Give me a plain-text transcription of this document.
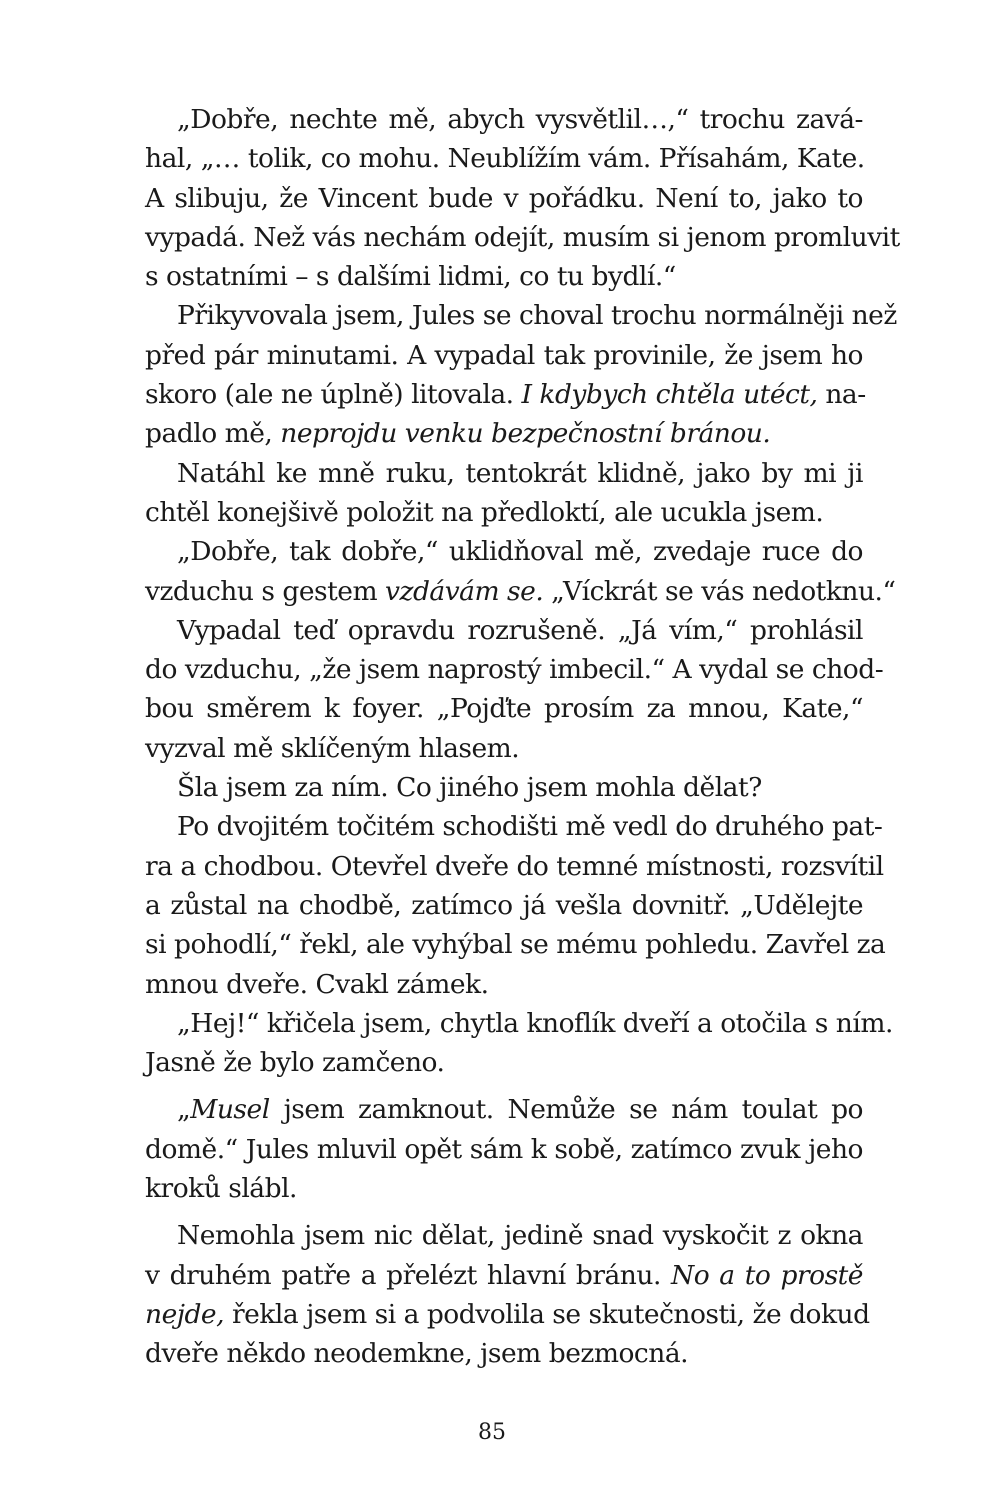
„Dobře, nechte mě, abych vysvětlil…,“ trochu zavá-
hal, „… tolik, co mohu. Neublížím vám. Přísahám, Kate.
A slibuju, že Vincent bude v pořádku. Není to, jako to
vypadá. Než vás nechám odejít, musím si jenom promluvit
s ostatními – s dalšími lidmi, co tu bydlí.“
Přikyvovala jsem, Jules se choval trochu normálněji než
před pár minutami. A vypadal tak provinile, že jsem ho
skoro (ale ne úplně) litovala. I kdybych chtěla utéct, na-
padlo mě, neprojdu venku bezpečnostní bránou.
Natáhl ke mně ruku, tentokrát klidně, jako by mi ji
chtěl konejšivě položit na předloktí, ale ucukla jsem.
„Dobře, tak dobře,“ uklidňoval mě, zvedaje ruce do
vzduchu s gestem vzdávám se. „Víckrát se vás nedotknu.“
Vypadal teď opravdu rozrušeně. „Já vím,“ prohlásil
do vzduchu, „že jsem naprostý imbecil.“ A vydal se chod-
bou směrem k foyer. „Pojďte prosím za mnou, Kate,“
vyzval mě sklíčeným hlasem.
Šla jsem za ním. Co jiného jsem mohla dělat?
Po dvojitém točitém schodišti mě vedl do druhého pat-
ra a chodbou. Otevřel dveře do temné místnosti, rozsvítil
a zůstal na chodbě, zatímco já vešla dovnitř. „Udělejte
si pohodlí,“ řekl, ale vyhýbal se mému pohledu. Zavřel za
mnou dveře. Cvakl zámek.
„Hej!“ křičela jsem, chytla knoflík dveří a otočila s ním.
Jasně že bylo zamčeno.
„Musel jsem zamknout. Nemůže se nám toulat po
domě.“ Jules mluvil opět sám k sobě, zatímco zvuk jeho
kroků slábl.
Nemohla jsem nic dělat, jedině snad vyskočit z okna
v druhém patře a přelézt hlavní bránu. No a to prostě
nejde, řekla jsem si a podvolila se skutečnosti, že dokud
dveře někdo neodemkne, jsem bezmocná.
85
